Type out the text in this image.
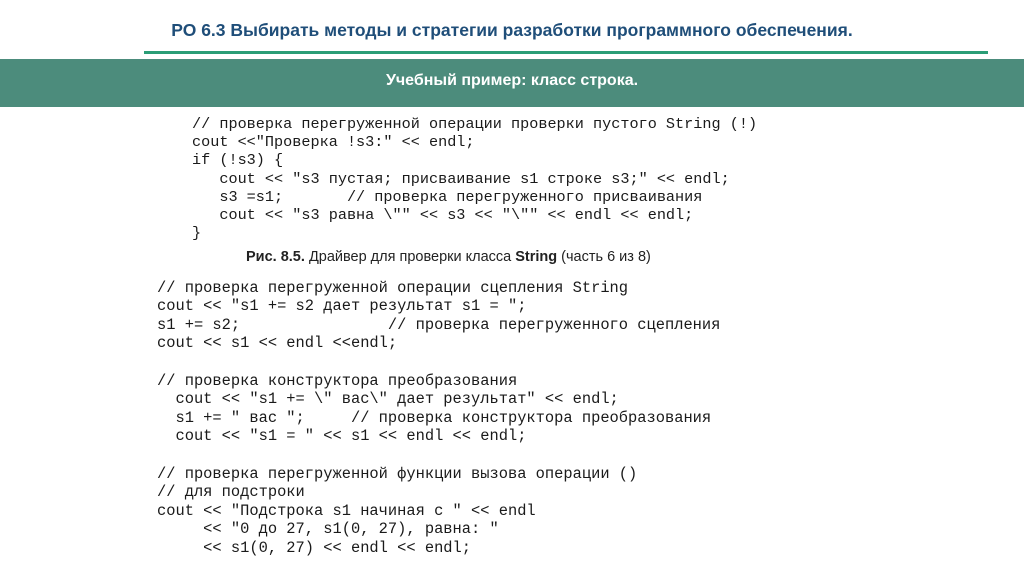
РО 6.3 Выбирать методы и стратегии разработки программного обеспечения.
Учебный пример: класс строка.
// проверка перегруженной операции проверки пустого String (!)
cout <<"Проверка !s3:" << endl;
if (!s3) {
cout << "s3 пустая; присваивание s1 строке s3;" << endl;
s3 =s1;       // проверка перегруженного присваивания
cout << "s3 равна \"" << s3 << "\"" << endl << endl;
}
Рис. 8.5. Драйвер для проверки класса String (часть 6 из 8)
// проверка перегруженной операции сцепления String
cout << "s1 += s2 дает результат s1 = ";
s1 += s2;                // проверка перегруженного сцепления
cout << s1 << endl <<endl;
// проверка конструктора преобразования
cout << "s1 += \" вас\" дает результат" << endl;
s1 += " вас ";     // проверка конструктора преобразования
cout << "s1 = " << s1 << endl << endl;
// проверка перегруженной функции вызова операции ()
// для подстроки
cout << "Подстрока s1 начиная с " << endl
<< "0 до 27, s1(0, 27), равна: "
<< s1(0, 27) << endl << endl;
